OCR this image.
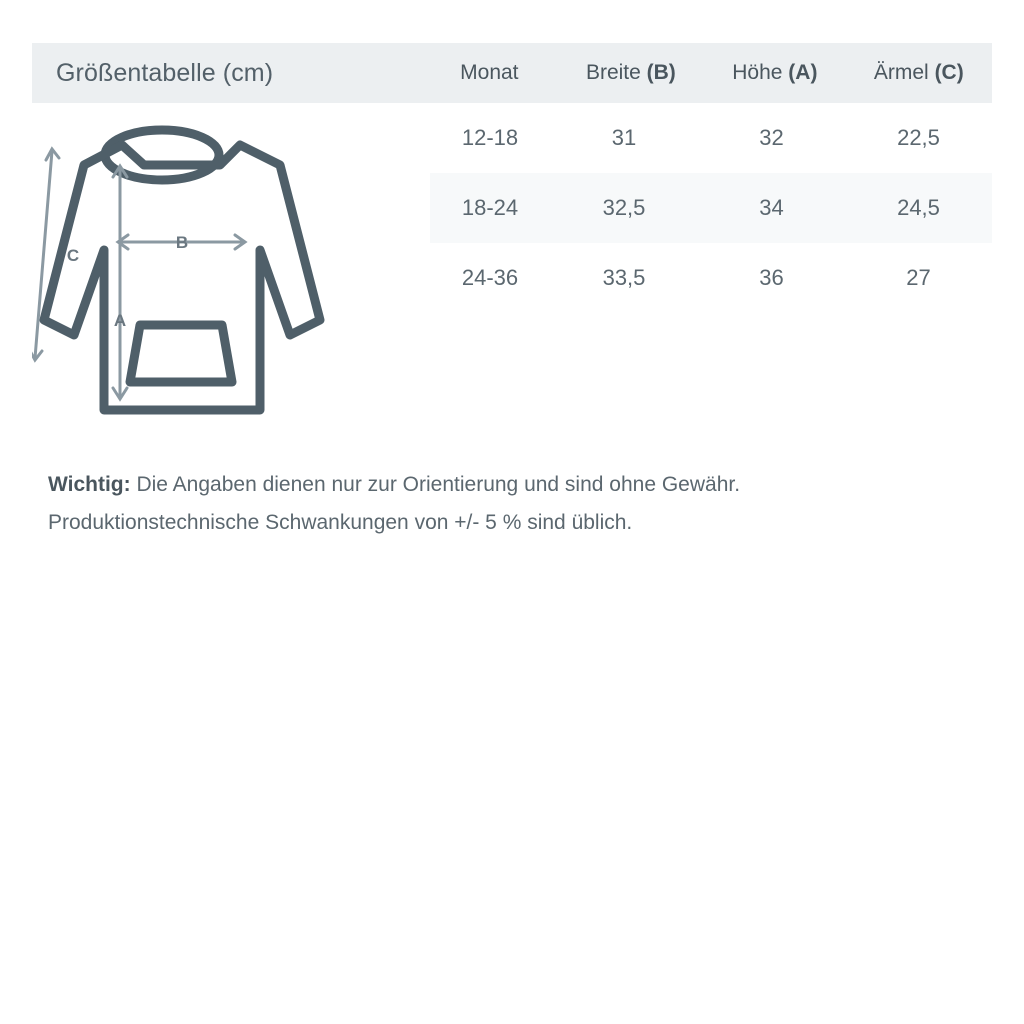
Größentabelle (cm)	Monat	Breite (B)	Höhe (A)	Ärmel (C)
12-18	31	32	22,5
18-24	32,5	34	24,5
24-36	33,5	36	27
C
B
A
Wichtig: Die Angaben dienen nur zur Orientierung und sind ohne Gewähr.
Produktionstechnische Schwankungen von +/- 5 % sind üblich.
